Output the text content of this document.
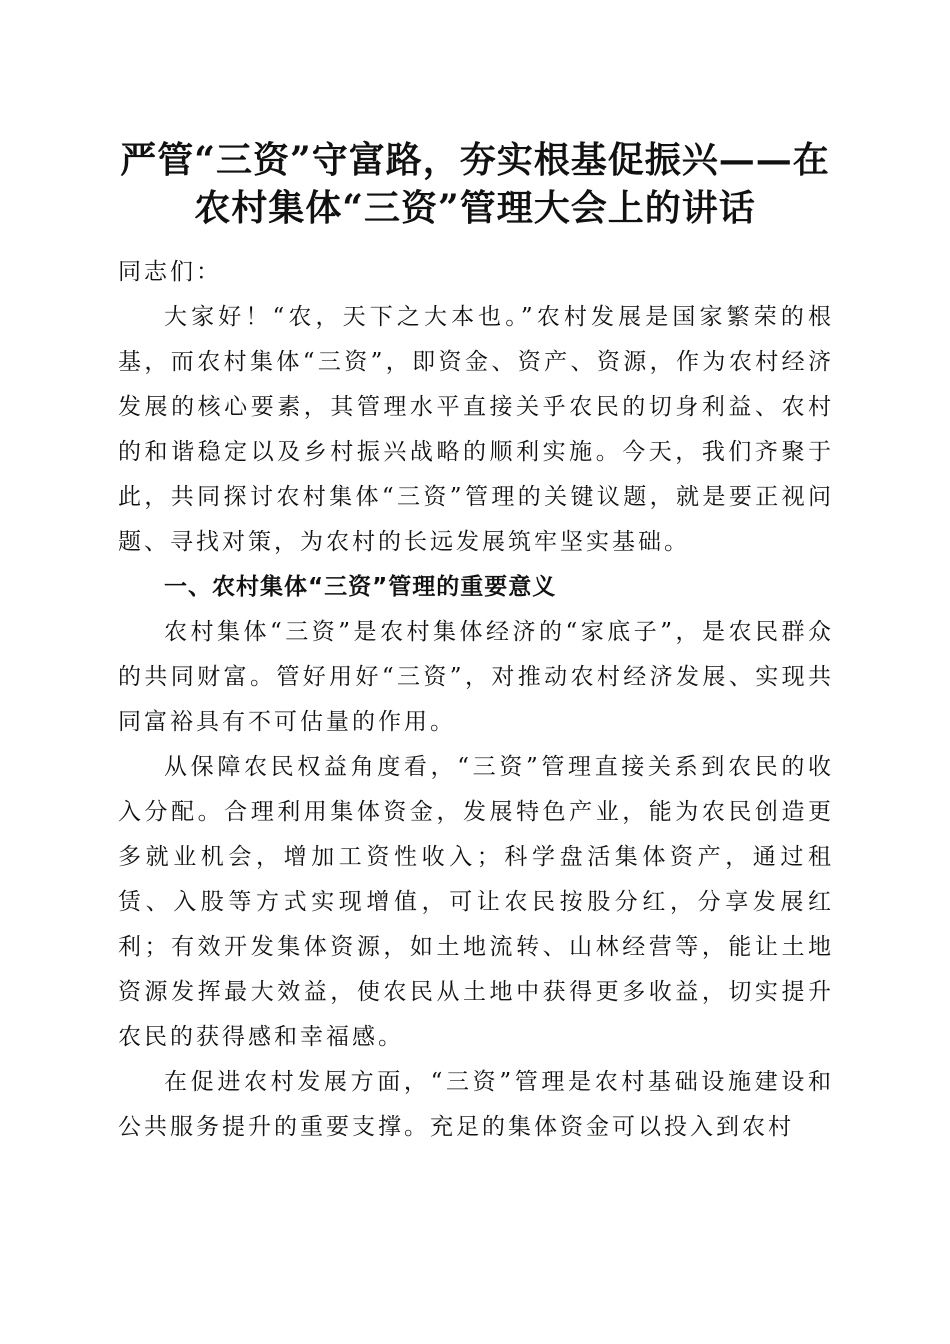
严管“三资”守富路，夯实根基促振兴——在
农村集体“三资”管理大会上的讲话

同志们：

大家好！“农，天下之大本也。”农村发展是国家繁荣的根基，而农村集体“三资”，即资金、资产、资源，作为农村经济发展的核心要素，其管理水平直接关乎农民的切身利益、农村的和谐稳定以及乡村振兴战略的顺利实施。今天，我们齐聚于此，共同探讨农村集体“三资”管理的关键议题，就是要正视问题、寻找对策，为农村的长远发展筑牢坚实基础。

一、农村集体“三资”管理的重要意义

农村集体“三资”是农村集体经济的“家底子”，是农民群众的共同财富。管好用好“三资”，对推动农村经济发展、实现共同富裕具有不可估量的作用。

从保障农民权益角度看，“三资”管理直接关系到农民的收入分配。合理利用集体资金，发展特色产业，能为农民创造更多就业机会，增加工资性收入；科学盘活集体资产，通过租赁、入股等方式实现增值，可让农民按股分红，分享发展红利；有效开发集体资源，如土地流转、山林经营等，能让土地资源发挥最大效益，使农民从土地中获得更多收益，切实提升农民的获得感和幸福感。

在促进农村发展方面，“三资”管理是农村基础设施建设和公共服务提升的重要支撑。充足的集体资金可以投入到农村
